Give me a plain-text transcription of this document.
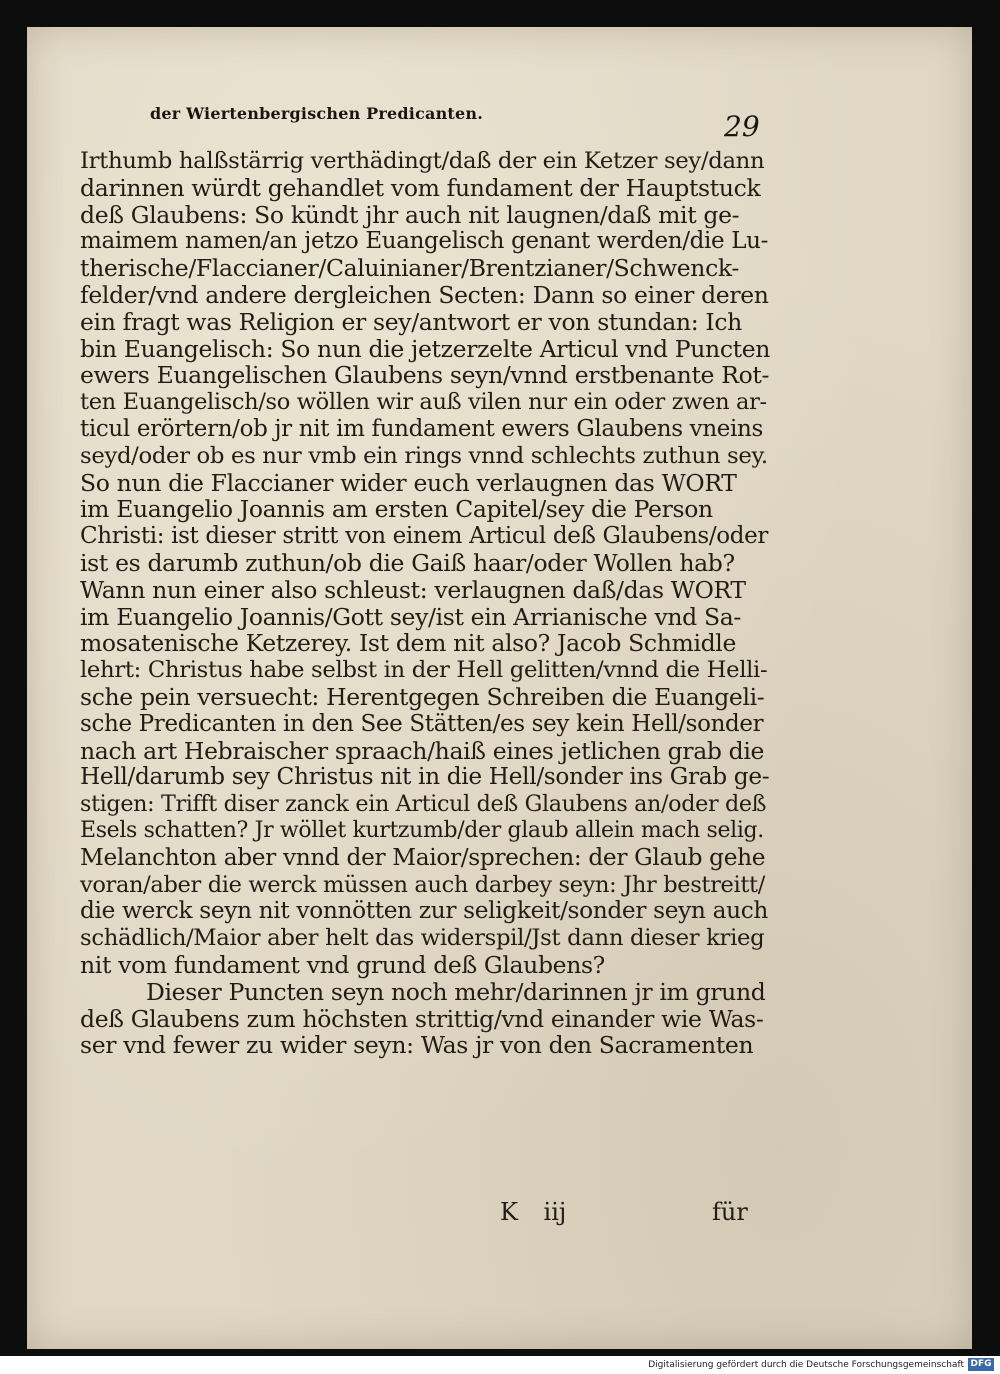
der Wiertenbergischen Predicanten.	29
Irthumb halßstärrig verthädingt/daß der ein Ketzer sey/dann
darinnen würdt gehandlet vom fundament der Hauptstuck
deß Glaubens: So kündt jhr auch nit laugnen/daß mit ge-
maimem namen/an jetzo Euangelisch genant werden/die Lu-
therische/Flaccianer/Caluinianer/Brentzianer/Schwenck-
felder/vnd andere dergleichen Secten: Dann so einer deren
ein fragt was Religion er sey/antwort er von stundan: Ich
bin Euangelisch: So nun die jetzerzelte Articul vnd Puncten
ewers Euangelischen Glaubens seyn/vnnd erstbenante Rot-
ten Euangelisch/so wöllen wir auß vilen nur ein oder zwen ar-
ticul erörtern/ob jr nit im fundament ewers Glaubens vneins
seyd/oder ob es nur vmb ein rings vnnd schlechts zuthun sey.
So nun die Flaccianer wider euch verlaugnen das WORT
im Euangelio Joannis am ersten Capitel/sey die Person
Christi: ist dieser stritt von einem Articul deß Glaubens/oder
ist es darumb zuthun/ob die Gaiß haar/oder Wollen hab?
Wann nun einer also schleust: verlaugnen daß/das WORT
im Euangelio Joannis/Gott sey/ist ein Arrianische vnd Sa-
mosatenische Ketzerey. Ist dem nit also? Jacob Schmidle
lehrt: Christus habe selbst in der Hell gelitten/vnnd die Helli-
sche pein versuecht: Herentgegen Schreiben die Euangeli-
sche Predicanten in den See Stätten/es sey kein Hell/sonder
nach art Hebraischer spraach/haiß eines jetlichen grab die
Hell/darumb sey Christus nit in die Hell/sonder ins Grab ge-
stigen: Trifft diser zanck ein Articul deß Glaubens an/oder deß
Esels schatten? Jr wöllet kurtzumb/der glaub allein mach selig.
Melanchton aber vnnd der Maior/sprechen: der Glaub gehe
voran/aber die werck müssen auch darbey seyn: Jhr bestreitt/
die werck seyn nit vonnötten zur seligkeit/sonder seyn auch
schädlich/Maior aber helt das widerspil/Jst dann dieser krieg
nit vom fundament vnd grund deß Glaubens?
Dieser Puncten seyn noch mehr/darinnen jr im grund
deß Glaubens zum höchsten strittig/vnd einander wie Was-
ser vnd fewer zu wider seyn: Was jr von den Sacramenten
K iij	für
Digitalisierung gefördert durch die Deutsche Forschungsgemeinschaft DFG
